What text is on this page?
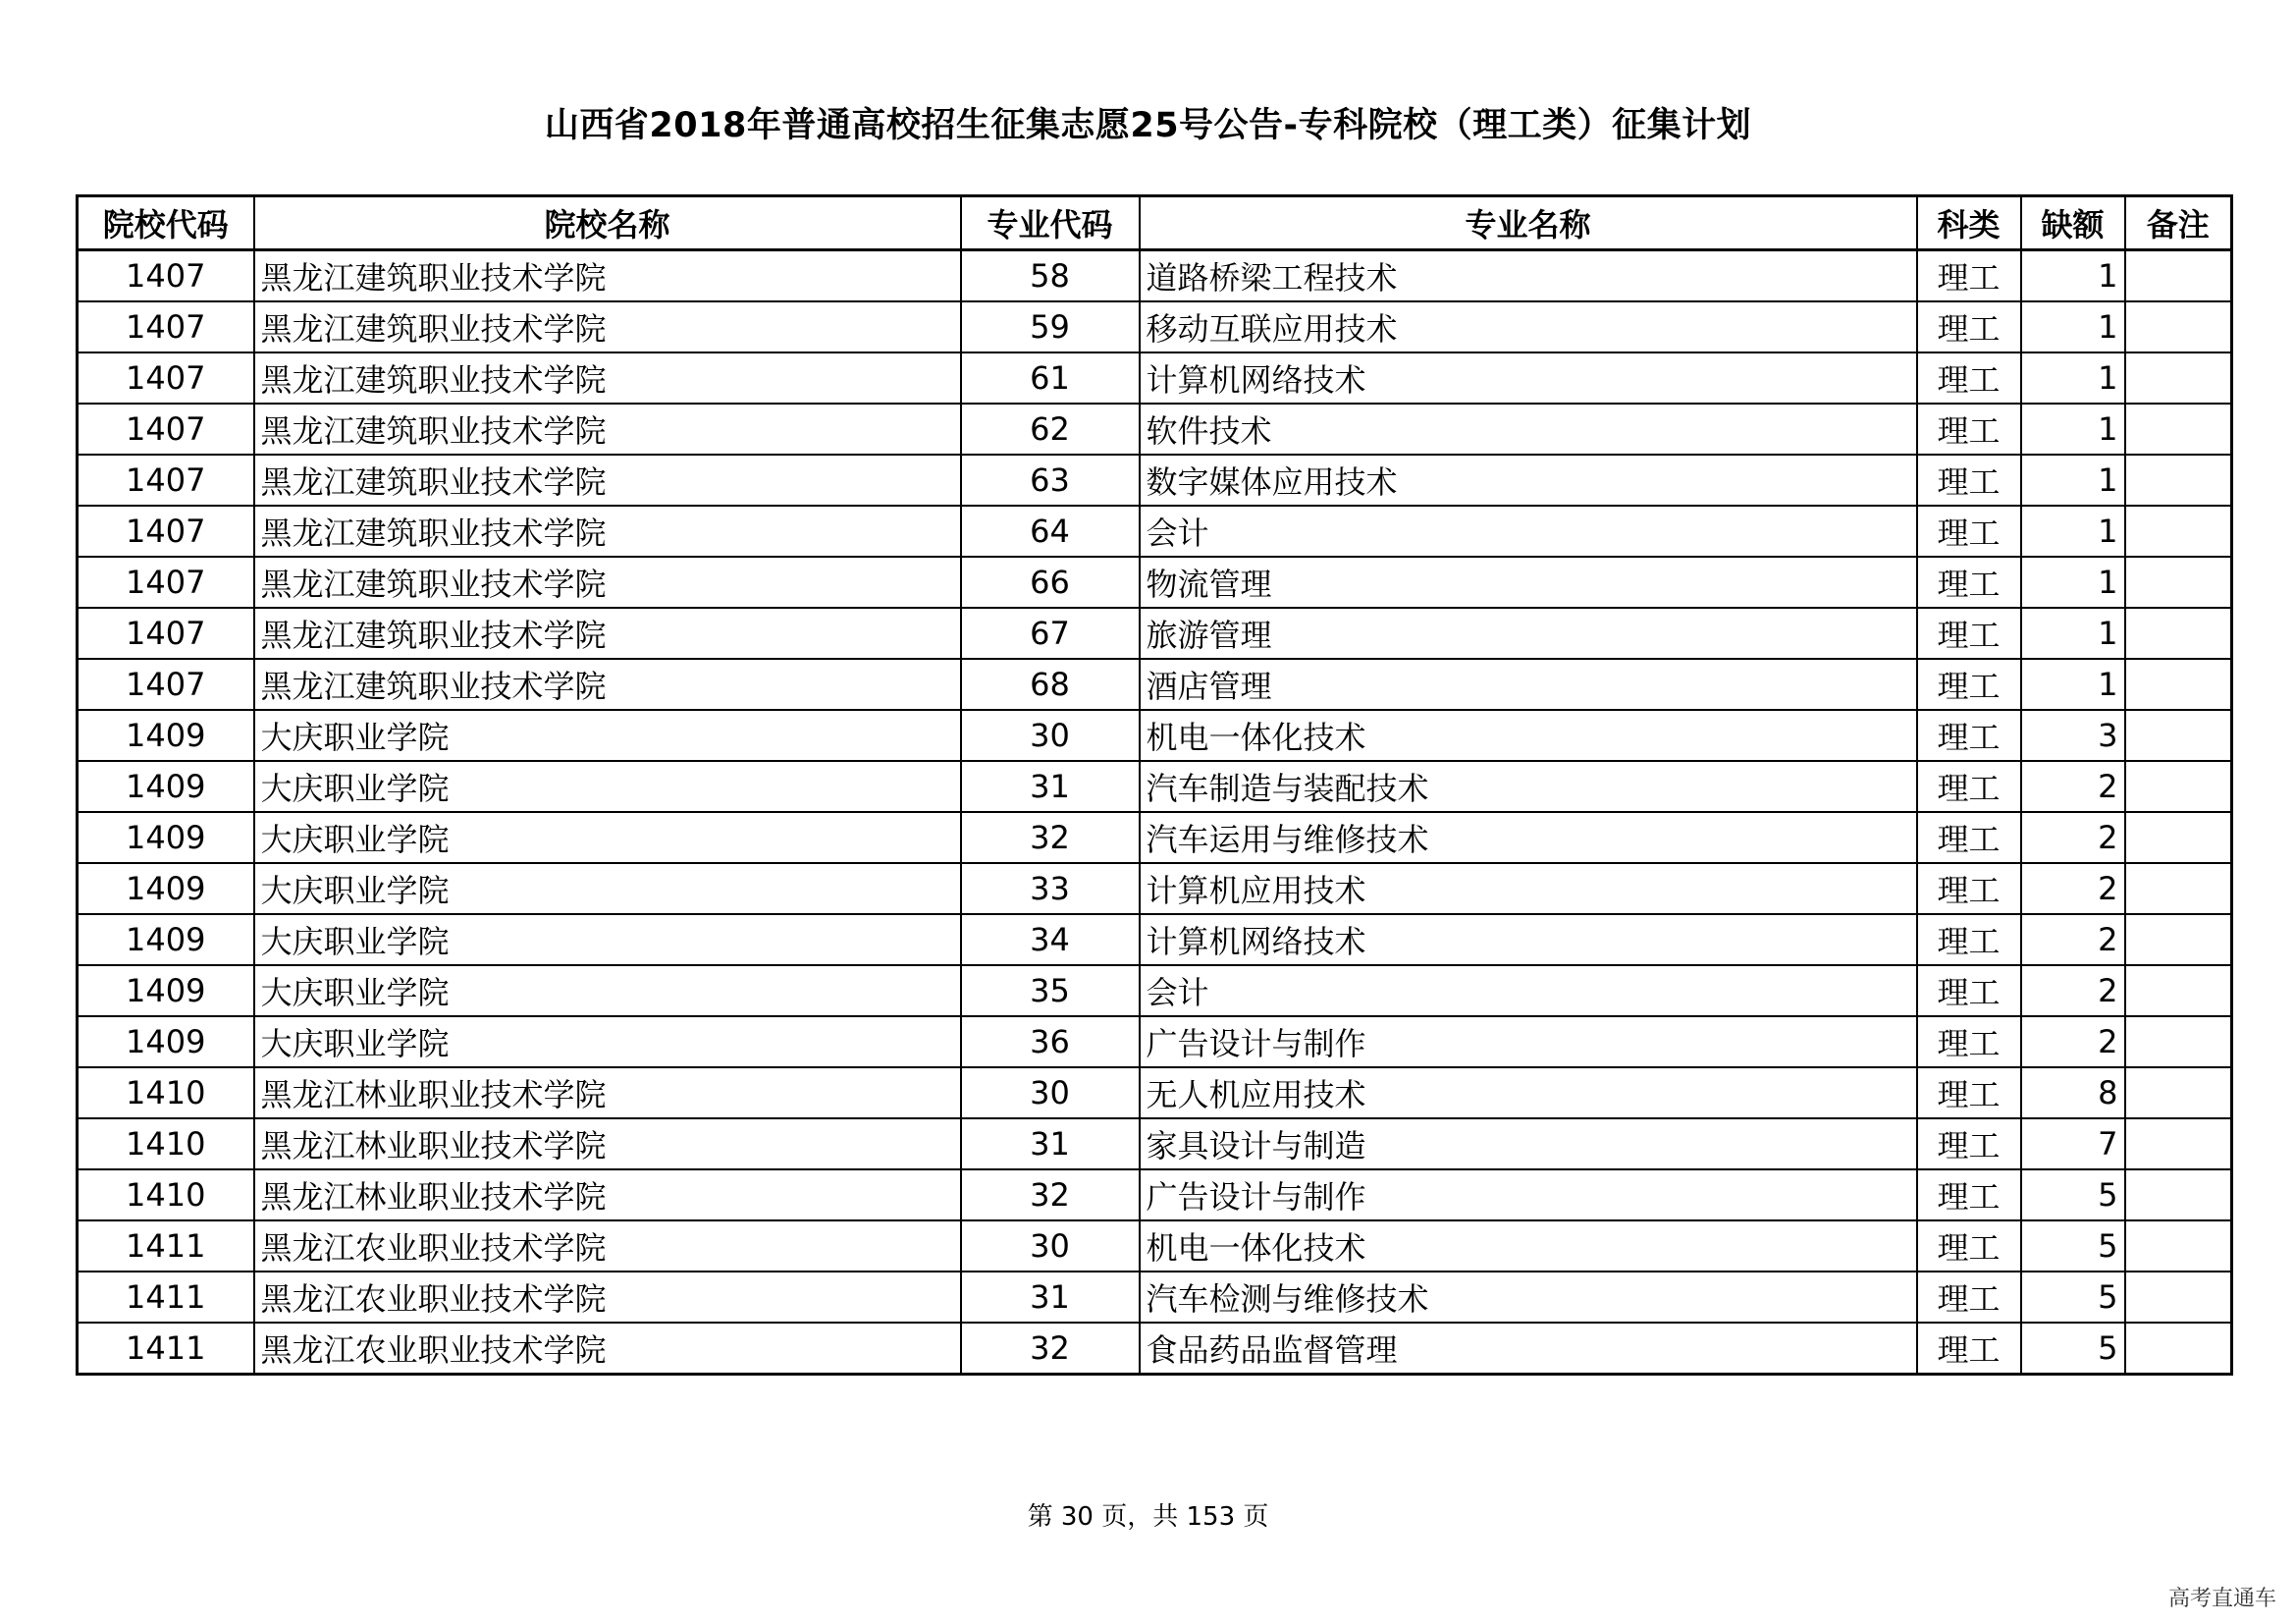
山西省2018年普通高校招生征集志愿25号公告-专科院校（理工类）征集计划
院校代码	院校名称	专业代码	专业名称	科类	缺额	备注
1407	黑龙江建筑职业技术学院	58	道路桥梁工程技术	理工	1	
1407	黑龙江建筑职业技术学院	59	移动互联应用技术	理工	1	
1407	黑龙江建筑职业技术学院	61	计算机网络技术	理工	1	
1407	黑龙江建筑职业技术学院	62	软件技术	理工	1	
1407	黑龙江建筑职业技术学院	63	数字媒体应用技术	理工	1	
1407	黑龙江建筑职业技术学院	64	会计	理工	1	
1407	黑龙江建筑职业技术学院	66	物流管理	理工	1	
1407	黑龙江建筑职业技术学院	67	旅游管理	理工	1	
1407	黑龙江建筑职业技术学院	68	酒店管理	理工	1	
1409	大庆职业学院	30	机电一体化技术	理工	3	
1409	大庆职业学院	31	汽车制造与装配技术	理工	2	
1409	大庆职业学院	32	汽车运用与维修技术	理工	2	
1409	大庆职业学院	33	计算机应用技术	理工	2	
1409	大庆职业学院	34	计算机网络技术	理工	2	
1409	大庆职业学院	35	会计	理工	2	
1409	大庆职业学院	36	广告设计与制作	理工	2	
1410	黑龙江林业职业技术学院	30	无人机应用技术	理工	8	
1410	黑龙江林业职业技术学院	31	家具设计与制造	理工	7	
1410	黑龙江林业职业技术学院	32	广告设计与制作	理工	5	
1411	黑龙江农业职业技术学院	30	机电一体化技术	理工	5	
1411	黑龙江农业职业技术学院	31	汽车检测与维修技术	理工	5	
1411	黑龙江农业职业技术学院	32	食品药品监督管理	理工	5	
第 30 页，共 153 页
高考直通车
